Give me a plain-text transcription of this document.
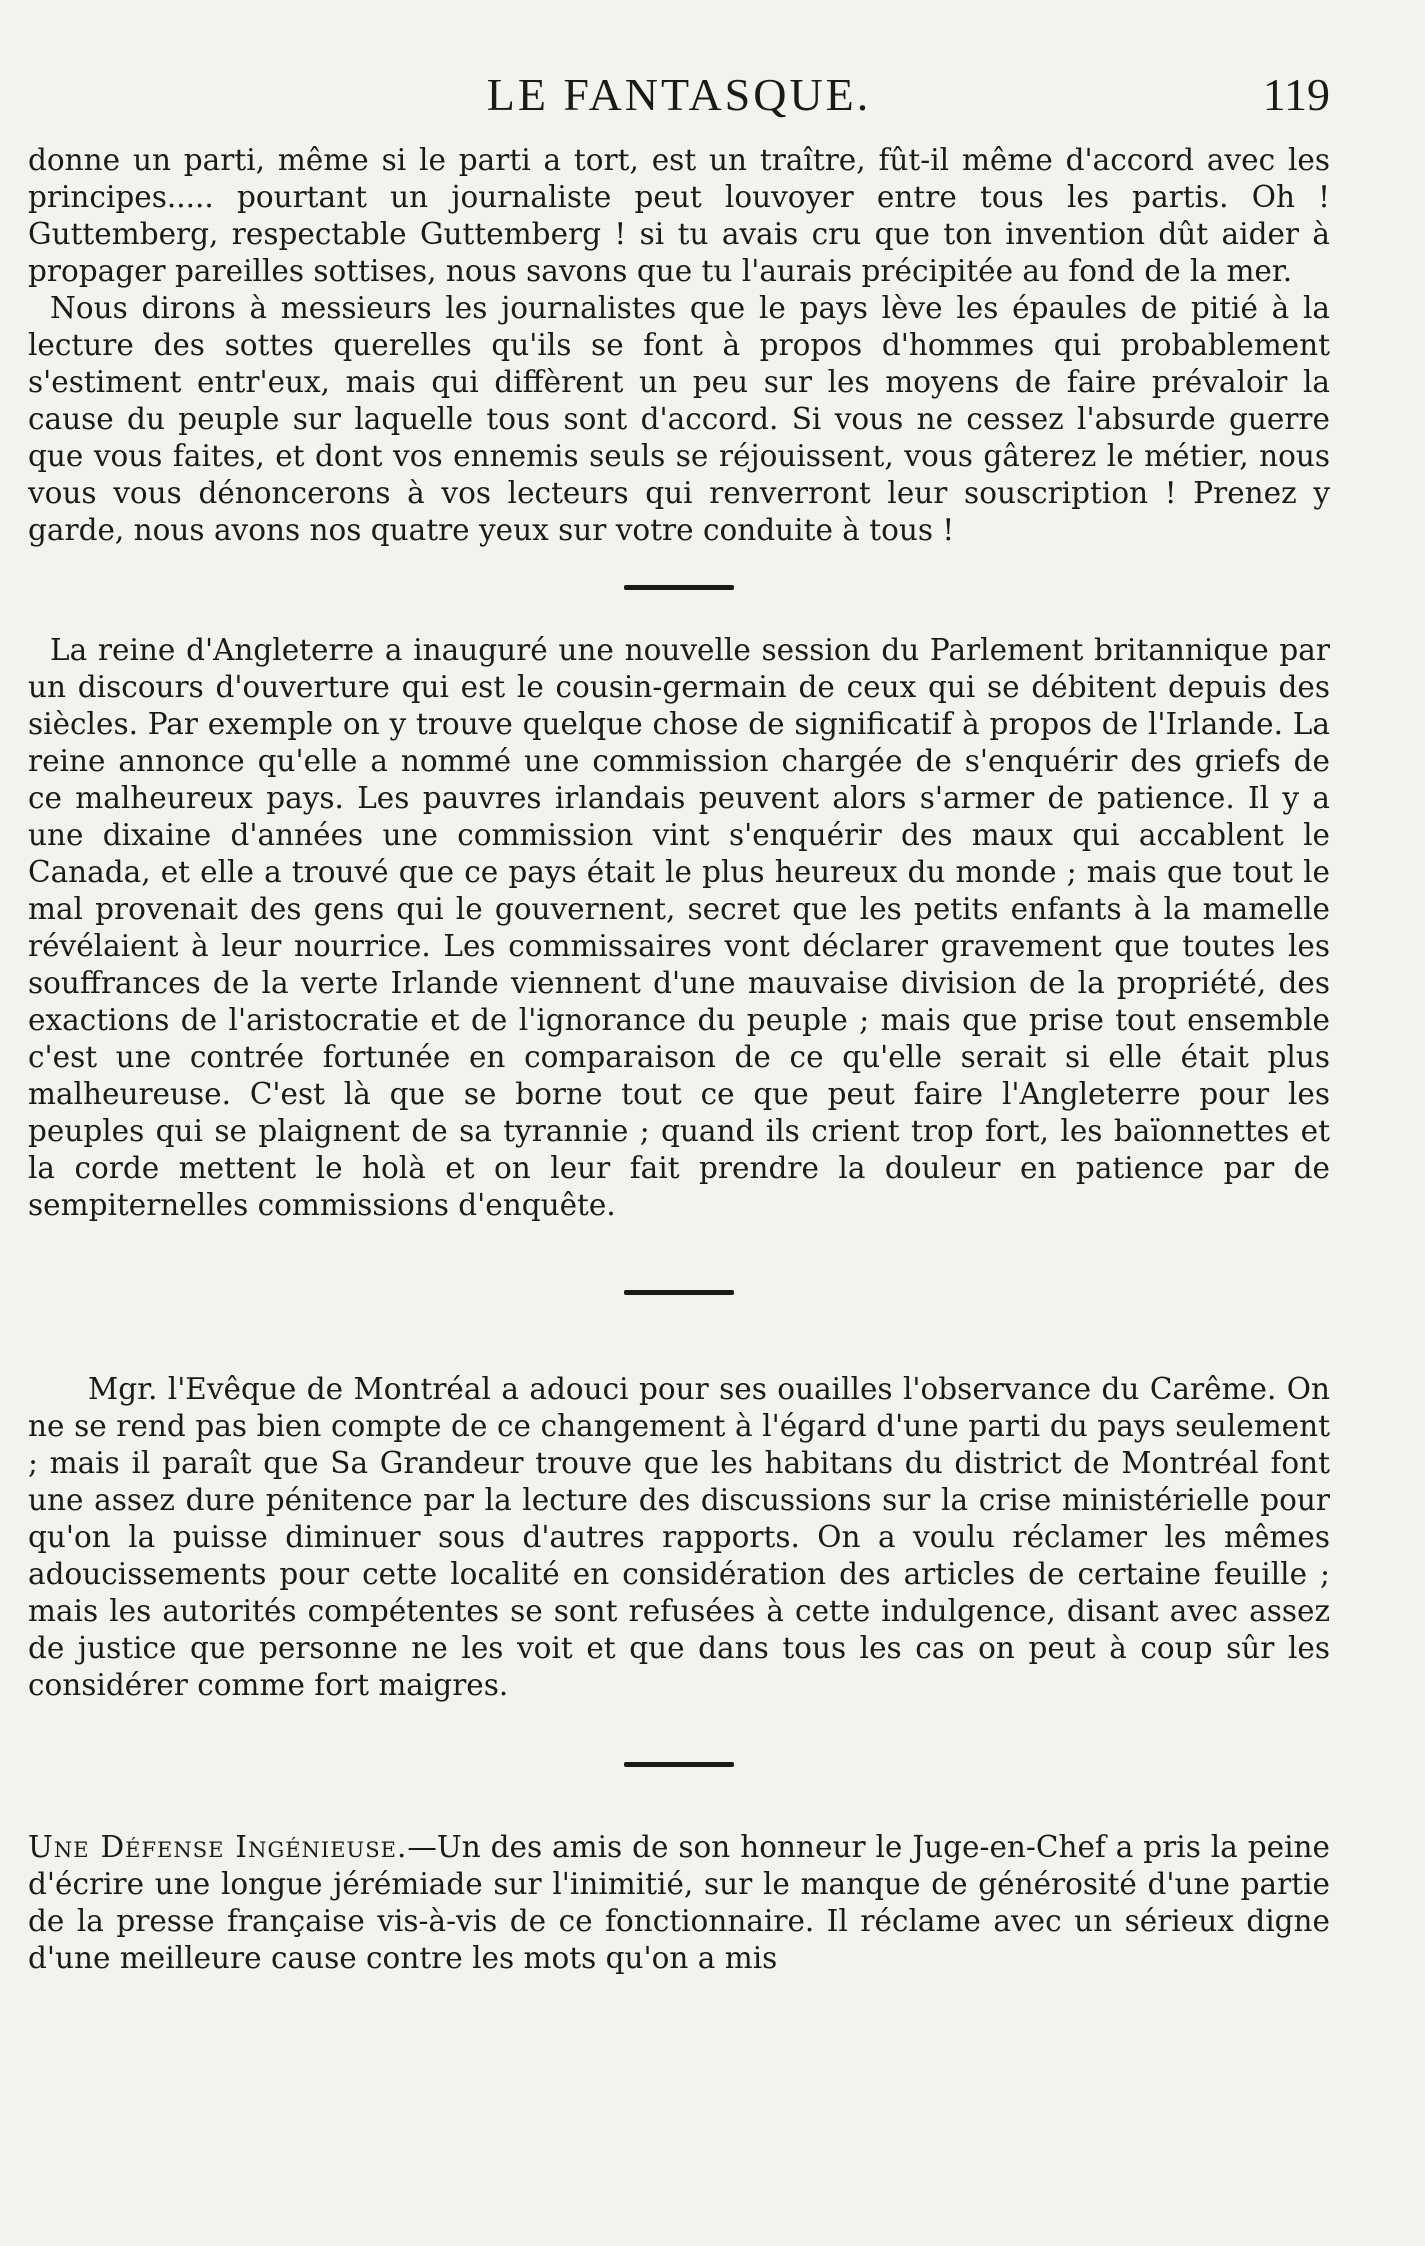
LE FANTASQUE.	119

donne un parti, même si le parti a tort, est un traître, fût-il même d'accord avec les principes..... pourtant un journaliste peut louvoyer entre tous les partis. Oh ! Guttemberg, respectable Guttemberg ! si tu avais cru que ton invention dût aider à propager pareilles sottises, nous savons que tu l'aurais précipitée au fond de la mer.

Nous dirons à messieurs les journalistes que le pays lève les épaules de pitié à la lecture des sottes querelles qu'ils se font à propos d'hommes qui probablement s'estiment entr'eux, mais qui diffèrent un peu sur les moyens de faire prévaloir la cause du peuple sur laquelle tous sont d'accord. Si vous ne cessez l'absurde guerre que vous faites, et dont vos ennemis seuls se réjouissent, vous gâterez le métier, nous vous vous dénoncerons à vos lecteurs qui renverront leur souscription ! Prenez y garde, nous avons nos quatre yeux sur votre conduite à tous !

La reine d'Angleterre a inauguré une nouvelle session du Parlement britannique par un discours d'ouverture qui est le cousin-germain de ceux qui se débitent depuis des siècles. Par exemple on y trouve quelque chose de significatif à propos de l'Irlande. La reine annonce qu'elle a nommé une commission chargée de s'enquérir des griefs de ce malheureux pays. Les pauvres irlandais peuvent alors s'armer de patience. Il y a une dixaine d'années une commission vint s'enquérir des maux qui accablent le Canada, et elle a trouvé que ce pays était le plus heureux du monde ; mais que tout le mal provenait des gens qui le gouvernent, secret que les petits enfants à la mamelle révélaient à leur nourrice. Les commissaires vont déclarer gravement que toutes les souffrances de la verte Irlande viennent d'une mauvaise division de la propriété, des exactions de l'aristocratie et de l'ignorance du peuple ; mais que prise tout ensemble c'est une contrée fortunée en comparaison de ce qu'elle serait si elle était plus malheureuse. C'est là que se borne tout ce que peut faire l'Angleterre pour les peuples qui se plaignent de sa tyrannie ; quand ils crient trop fort, les baïonnettes et la corde mettent le holà et on leur fait prendre la douleur en patience par de sempiternelles commissions d'enquête.

Mgr. l'Evêque de Montréal a adouci pour ses ouailles l'observance du Carême. On ne se rend pas bien compte de ce changement à l'égard d'une parti du pays seulement ; mais il paraît que Sa Grandeur trouve que les habitans du district de Montréal font une assez dure pénitence par la lecture des discussions sur la crise ministérielle pour qu'on la puisse diminuer sous d'autres rapports. On a voulu réclamer les mêmes adoucissements pour cette localité en considération des articles de certaine feuille ; mais les autorités compétentes se sont refusées à cette indulgence, disant avec assez de justice que personne ne les voit et que dans tous les cas on peut à coup sûr les considérer comme fort maigres.

Une Défense Ingénieuse.—Un des amis de son honneur le Juge-en-Chef a pris la peine d'écrire une longue jérémiade sur l'inimitié, sur le manque de générosité d'une partie de la presse française vis-à-vis de ce fonctionnaire. Il réclame avec un sérieux digne d'une meilleure cause contre les mots qu'on a mis
